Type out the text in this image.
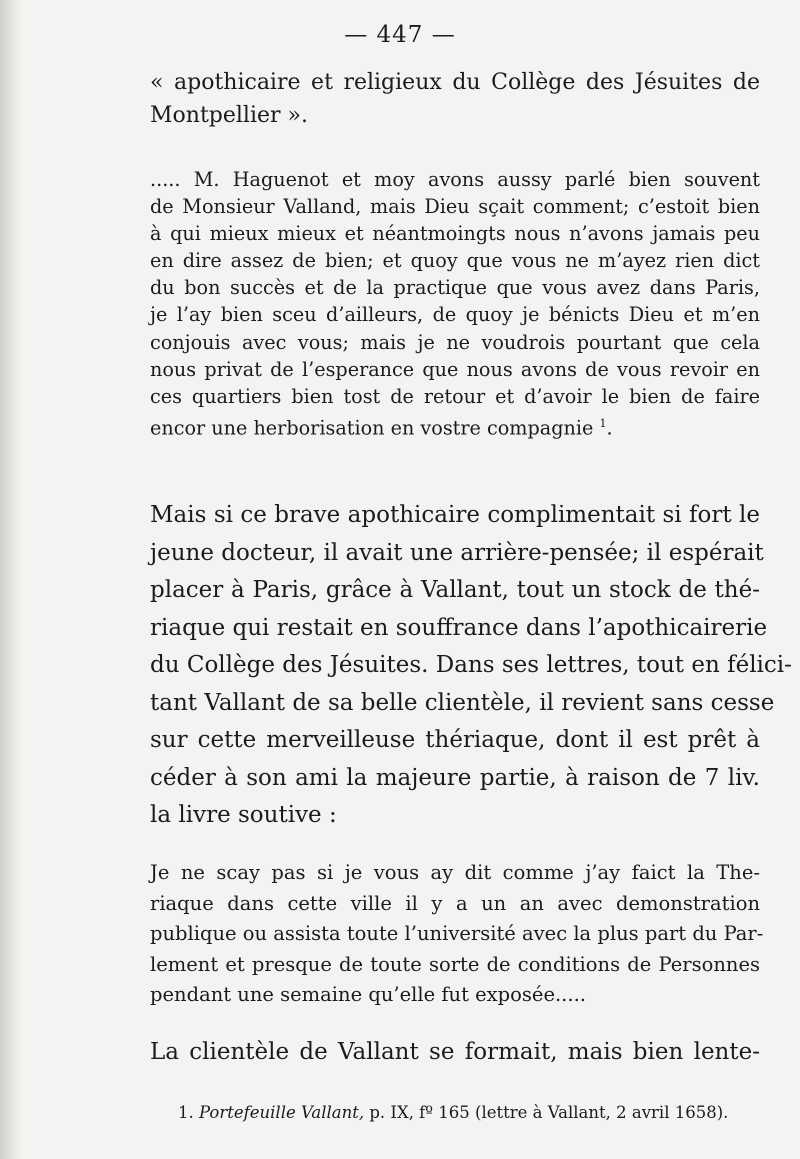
— 447 —
« apothicaire et religieux du Collège des Jésuites de
Montpellier ».
..... M. Haguenot et moy avons aussy parlé bien souvent
de Monsieur Valland, mais Dieu sçait comment; c’estoit bien
à qui mieux mieux et néantmoingts nous n’avons jamais peu
en dire assez de bien; et quoy que vous ne m’ayez rien dict
du bon succès et de la practique que vous avez dans Paris,
je l’ay bien sceu d’ailleurs, de quoy je bénicts Dieu et m’en
conjouis avec vous; mais je ne voudrois pourtant que cela
nous privat de l’esperance que nous avons de vous revoir en
ces quartiers bien tost de retour et d’avoir le bien de faire
encor une herborisation en vostre compagnie $^1$.
Mais si ce brave apothicaire complimentait si fort le
jeune docteur, il avait une arrière-pensée; il espérait
placer à Paris, grâce à Vallant, tout un stock de thé-
riaque qui restait en souffrance dans l’apothicairerie
du Collège des Jésuites. Dans ses lettres, tout en félici-
tant Vallant de sa belle clientèle, il revient sans cesse
sur cette merveilleuse thériaque, dont il est prêt à
céder à son ami la majeure partie, à raison de 7 liv.
la livre soutive :
Je ne scay pas si je vous ay dit comme j’ay faict la The-
riaque dans cette ville il y a un an avec demonstration
publique ou assista toute l’université avec la plus part du Par-
lement et presque de toute sorte de conditions de Personnes
pendant une semaine qu’elle fut exposée.....
La clientèle de Vallant se formait, mais bien lente-
1. Portefeuille Vallant, p. IX, fº 165 (lettre à Vallant, 2 avril 1658).
